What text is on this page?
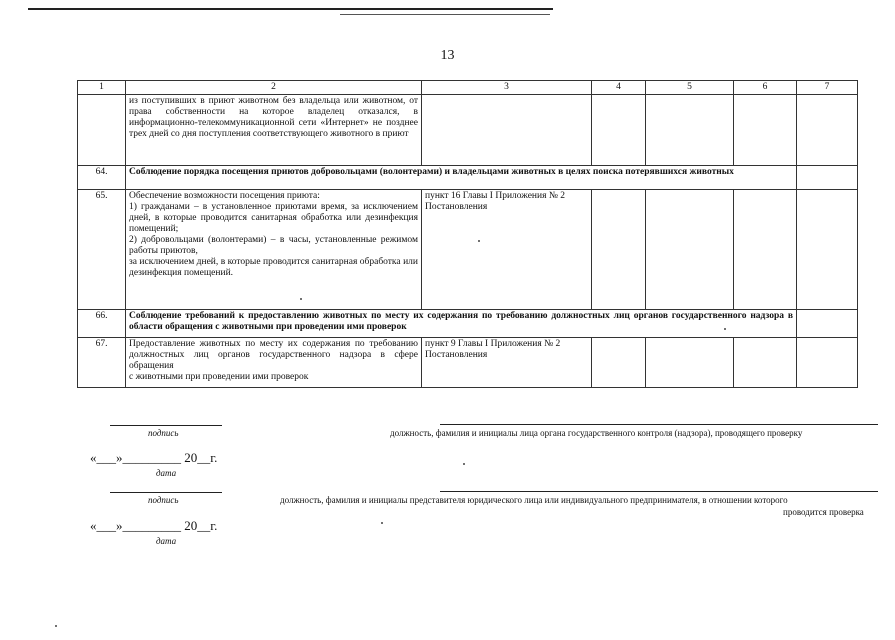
13
1	2	3	4	5	6	7
	из поступивших в приют животном без владельца или животном, от права собственности на которое владелец отказался, в информационно-телекоммуникационной сети «Интернет» не позднее трех дней со дня поступления соответствующего животного в приют					
64.	Соблюдение порядка посещения приютов добровольцами (волонтерами) и владельцами животных в целях поиска потерявшихся животных					
65.	Обеспечение возможности посещения приюта:
1) гражданами – в установленное приютами время, за исключением дней, в которые проводится санитарная обработка или дезинфекция помещений;
2) добровольцами (волонтерами) – в часы, установленные режимом работы приютов,
за исключением дней, в которые проводится санитарная обработка или дезинфекция помещений.	пункт 16 Главы I Приложения № 2 Постановления				
66.	Соблюдение требований к предоставлению животных по месту их содержания по требованию должностных лиц органов государственного надзора в области обращения с животными при проведении ими проверок					
67.	Предоставление животных по месту их содержания по требованию должностных лиц органов государственного надзора в сфере обращения
с животными при проведении ими проверок	пункт 9 Главы I Приложения № 2 Постановления				
подпись	должность, фамилия и инициалы лица органа государственного контроля (надзора), проводящего проверку
«___»_________ 20__г.
дата
подпись	должность, фамилия и инициалы представителя юридического лица или индивидуального предпринимателя, в отношении которого
проводится проверка
«___»_________ 20__г.
дата
